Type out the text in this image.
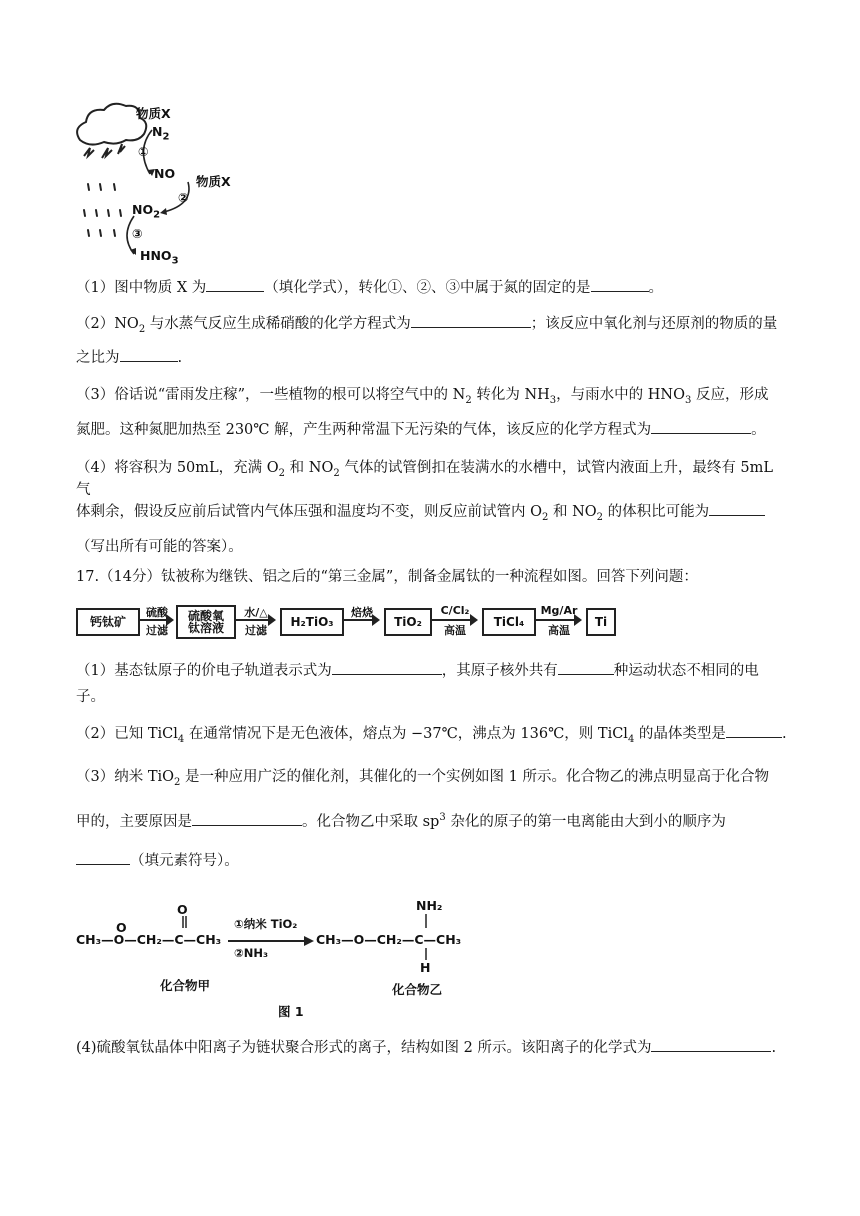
物质X
$N_2$
①
NO
物质X
②
$NO_2$
③
$HNO_3$

（1）图中物质 X 为	（填化学式），转化①、②、③中属于氮的固定的是	。

$(2)NO_2$ 与水蒸气反应生成稀硝酸的化学方程式为	；该反应中氧化剂与还原剂的物质的量

之比为	.

（3）俗话说“雷雨发庄稼”，一些植物的根可以将空气中的 $N_2$ 转化为 $NH_3$，与雨水中的 $HNO_3$ 反应，形成

氮肥。这种氮肥加热至 230℃ 解，产生两种常温下无污染的气体，该反应的化学方程式为	。

（4）将容积为 50mL，充满 $O_2$ 和 $NO_2$ 气体的试管倒扣在装满水的水槽中，试管内液面上升，最终有 5mL 气

体剩余，假设反应前后试管内气体压强和温度均不变，则反应前试管内 $O_2$ 和 $NO_2$ 的体积比可能为

（写出所有可能的答案）。

17.（14分）钛被称为继铁、铝之后的“第三金属”，制备金属钛的一种流程如图。回答下列问题：

钙钛矿
硫酸
过滤
硫酸氧
钛溶液
水/△
过滤
H₂TiO₃
焙烧
TiO₂
C/Cl₂
高温
TiCl₄
Mg/Ar
高温
Ti

（1）基态钛原子的价电子轨道表示式为	，其原子核外共有	种运动状态不相同的电

子。

（2）已知 TiCl$_4$ 在通常情况下是无色液体，熔点为 −37℃，沸点为 136℃，则 TiCl$_4$ 的晶体类型是	.

（3）纳米 TiO$_2$ 是一种应用广泛的催化剂，其催化的一个实例如图 1 所示。化合物乙的沸点明显高于化合物

甲的，主要原因是	。化合物乙中采取 $sp^3$ 杂化的原子的第一电离能由大到小的顺序为

（填元素符号）。

O
O
CH₃—O—CH₂—C—CH₃
①纳米 TiO₂
②NH₃
CH₃—O—CH₂—C—CH₃
NH₂
H
化合物甲	化合物乙
图 1

(4)硫酸氧钛晶体中阳离子为链状聚合形式的离子，结构如图 2 所示。该阳离子的化学式为	.
